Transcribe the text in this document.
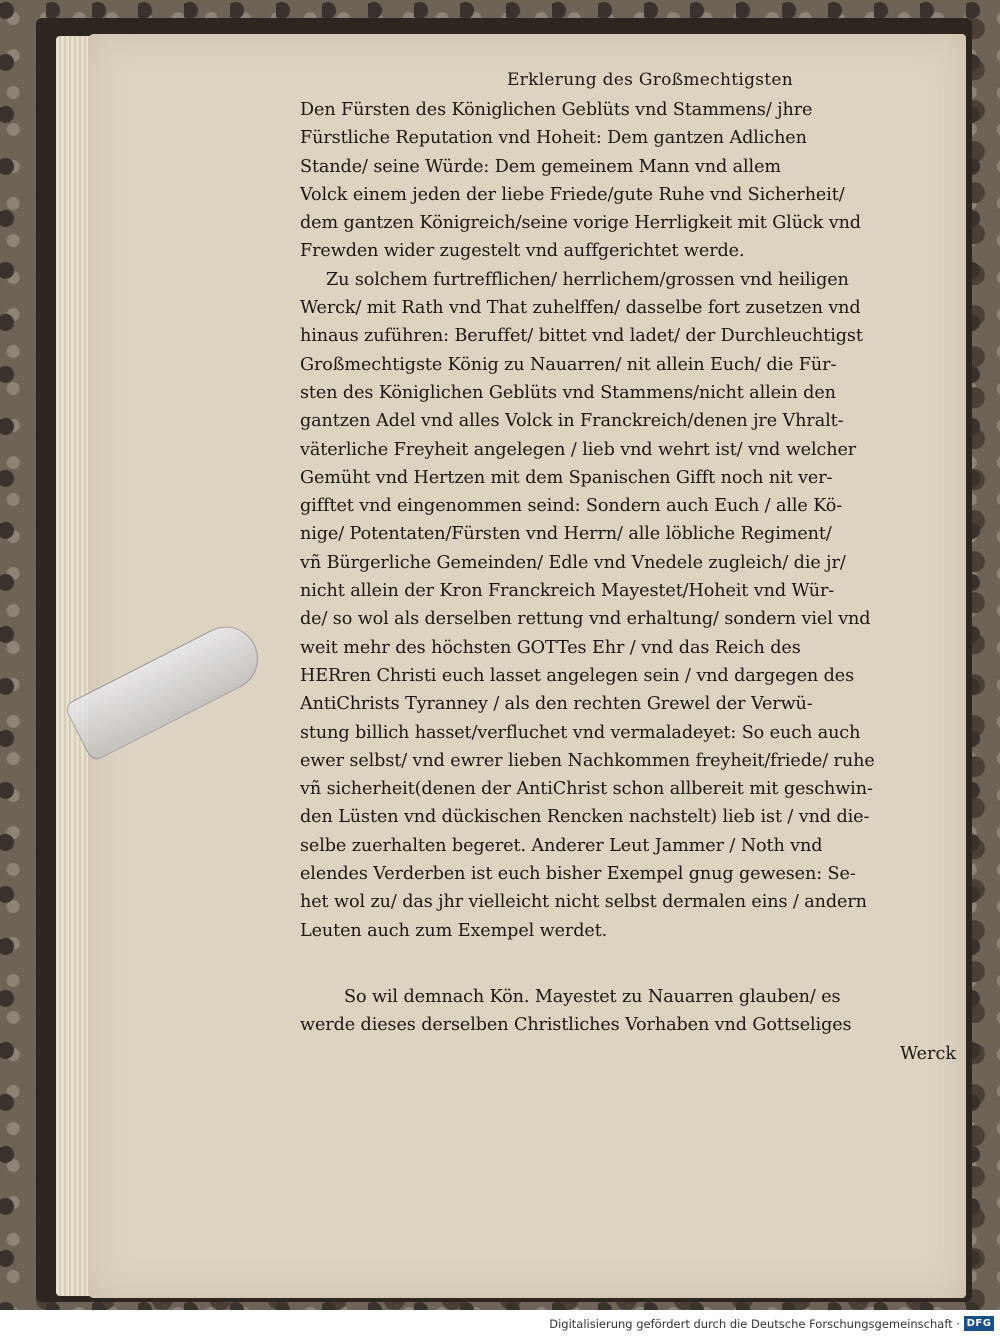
Erklerung des Großmechtigsten
Den Fürsten des Königlichen Geblüts vnd Stammens/ jhre
Fürstliche Reputation vnd Hoheit: Dem gantzen Adlichen
Stande/ seine Würde: Dem gemeinem Mann vnd allem
Volck einem jeden der liebe Friede/gute Ruhe vnd Sicherheit/
dem gantzen Königreich/seine vorige Herrligkeit mit Glück vnd
Frewden wider zugestelt vnd auffgerichtet werde.
Zu solchem furtrefflichen/ herrlichem/grossen vnd heiligen
Werck/ mit Rath vnd That zuhelffen/ dasselbe fort zusetzen vnd
hinaus zuführen: Beruffet/ bittet vnd ladet/ der Durchleuchtigst
Großmechtigste König zu Nauarren/ nit allein Euch/ die Für-
sten des Königlichen Geblüts vnd Stammens/nicht allein den
gantzen Adel vnd alles Volck in Franckreich/denen jre Vhralt-
väterliche Freyheit angelegen / lieb vnd wehrt ist/ vnd welcher
Gemüht vnd Hertzen mit dem Spanischen Gifft noch nit ver-
gifftet vnd eingenommen seind: Sondern auch Euch / alle Kö-
nige/ Potentaten/Fürsten vnd Herrn/ alle löbliche Regiment/
vñ Bürgerliche Gemeinden/ Edle vnd Vnedele zugleich/ die jr/
nicht allein der Kron Franckreich Mayestet/Hoheit vnd Wür-
de/ so wol als derselben rettung vnd erhaltung/ sondern viel vnd
weit mehr des höchsten GOTTes Ehr / vnd das Reich des
HERren Christi euch lasset angelegen sein / vnd dargegen des
AntiChrists Tyranney / als den rechten Grewel der Verwü-
stung billich hasset/verfluchet vnd vermaladeyet: So euch auch
ewer selbst/ vnd ewrer lieben Nachkommen freyheit/friede/ ruhe
vñ sicherheit(denen der AntiChrist schon allbereit mit geschwin-
den Lüsten vnd dückischen Rencken nachstelt) lieb ist / vnd die-
selbe zuerhalten begeret. Anderer Leut Jammer / Noth vnd
elendes Verderben ist euch bisher Exempel gnug gewesen: Se-
het wol zu/ das jhr vielleicht nicht selbst dermalen eins / andern
Leuten auch zum Exempel werdet.
So wil demnach Kön. Mayestet zu Nauarren glauben/ es
werde dieses derselben Christliches Vorhaben vnd Gottseliges
Werck
Digitalisierung gefördert durch die Deutsche Forschungsgemeinschaft · DFG
